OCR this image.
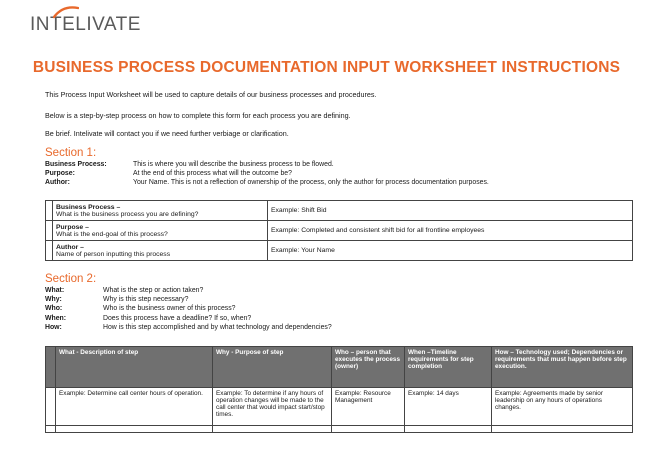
INTELIVATE
BUSINESS PROCESS DOCUMENTATION INPUT WORKSHEET INSTRUCTIONS
This Process Input Worksheet will be used to capture details of our business processes and procedures.
Below is a step-by-step process on how to complete this form for each process you are defining.
Be brief. Intelivate will contact you if we need further verbiage or clarification.
Section 1:
Business Process:	This is where you will describe the business process to be flowed.
Purpose:	At the end of this process what will the outcome be?
Author:	Your Name. This is not a reflection of ownership of the process, only the author for process documentation purposes.

	Business Process –
What is the business process you are defining?	Example: Shift Bid

	Purpose –
What is the end-goal of this process?	Example: Completed and consistent shift bid for all frontline employees

	Author –
Name of person inputting this process	Example: Your Name
Section 2:
What:	What is the step or action taken?
Why:	Why is this step necessary?
Who:	Who is the business owner of this process?
When:	Does this process have a deadline? If so, when?
How:	How is this step accomplished and by what technology and dependencies?
	What - Description of step	Why - Purpose of step	Who – person that executes the process (owner)	When –Timeline requirements for step completion	How – Technology used; Dependencies or requirements that must happen before step execution.
	Example: Determine call center hours of operation.	Example: To determine if any hours of operation changes will be made to the call center that would impact start/stop times.	Example: Resource Management	Example: 14 days	Example: Agreements made by senior leadership on any hours of operations changes.
